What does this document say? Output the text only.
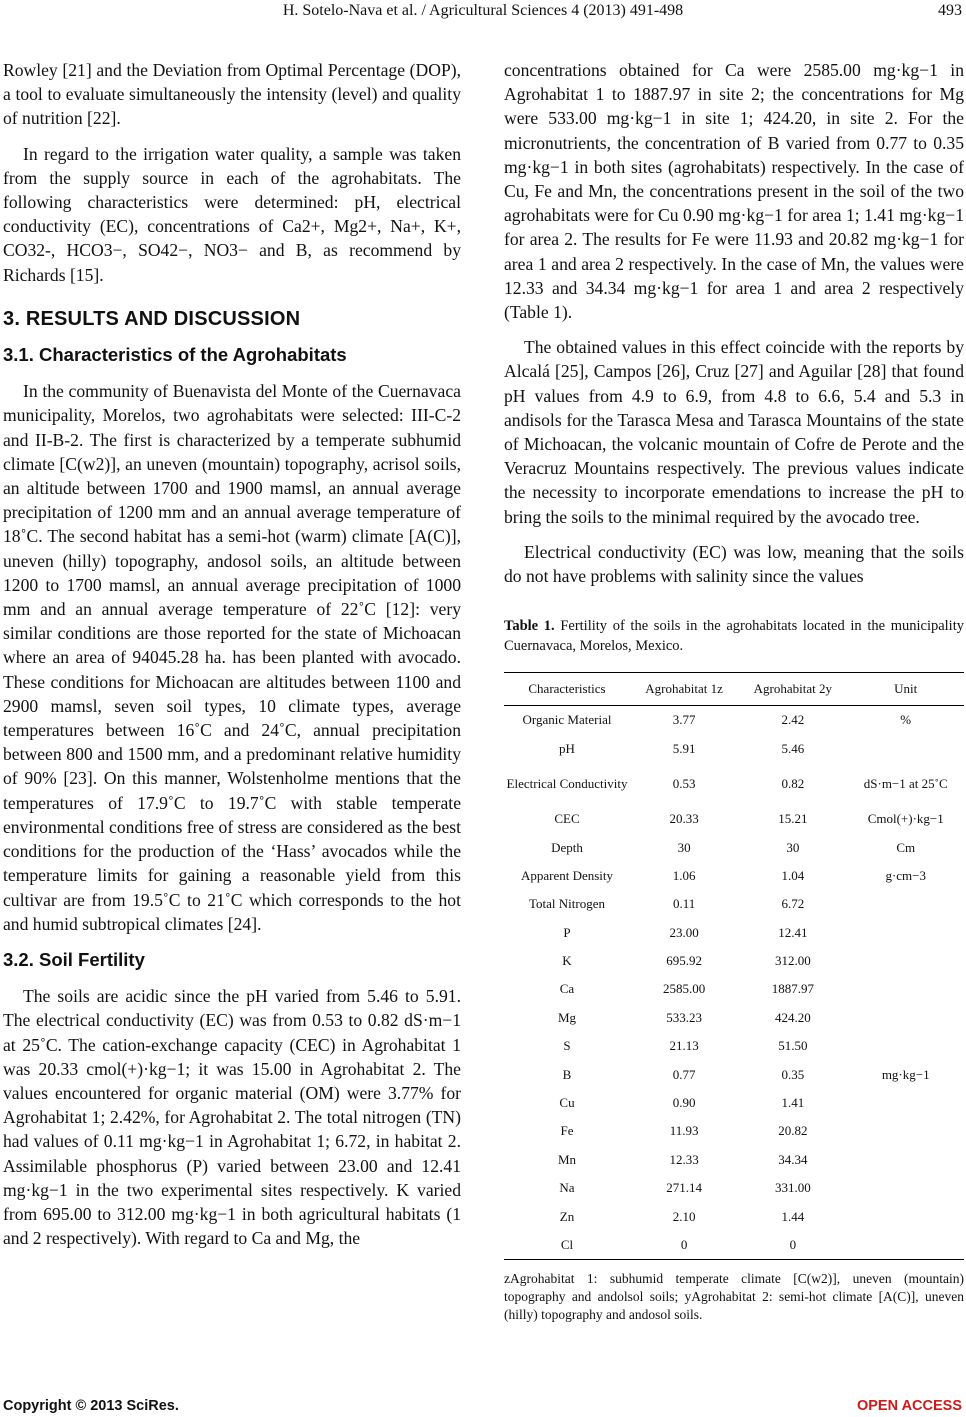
H. Sotelo-Nava et al. / Agricultural Sciences 4 (2013) 491-498	493

Rowley [21] and the Deviation from Optimal Percentage (DOP), a tool to evaluate simultaneously the intensity (level) and quality of nutrition [22].

In regard to the irrigation water quality, a sample was taken from the supply source in each of the agrohabitats. The following characteristics were determined: pH, electrical conductivity (EC), concentrations of Ca2+, Mg2+, Na+, K+, CO32-, HCO3−, SO42−, NO3− and B, as recommend by Richards [15].

3. RESULTS AND DISCUSSION
3.1. Characteristics of the Agrohabitats

In the community of Buenavista del Monte of the Cuernavaca municipality, Morelos, two agrohabitats were selected: III-C-2 and II-B-2. The first is characterized by a temperate subhumid climate [C(w2)], an uneven (mountain) topography, acrisol soils, an altitude between 1700 and 1900 mamsl, an annual average precipitation of 1200 mm and an annual average temperature of 18˚C. The second habitat has a semi-hot (warm) climate [A(C)], uneven (hilly) topography, andosol soils, an altitude between 1200 to 1700 mamsl, an annual average precipitation of 1000 mm and an annual average temperature of 22˚C [12]: very similar conditions are those reported for the state of Michoacan where an area of 94045.28 ha. has been planted with avocado. These conditions for Michoacan are altitudes between 1100 and 2900 mamsl, seven soil types, 10 climate types, average temperatures between 16˚C and 24˚C, annual precipitation between 800 and 1500 mm, and a predominant relative humidity of 90% [23]. On this manner, Wolstenholme mentions that the temperatures of 17.9˚C to 19.7˚C with stable temperate environmental conditions free of stress are considered as the best conditions for the production of the ‘Hass’ avocados while the temperature limits for gaining a reasonable yield from this cultivar are from 19.5˚C to 21˚C which corresponds to the hot and humid subtropical climates [24].

3.2. Soil Fertility

The soils are acidic since the pH varied from 5.46 to 5.91. The electrical conductivity (EC) was from 0.53 to 0.82 dS·m−1 at 25˚C. The cation-exchange capacity (CEC) in Agrohabitat 1 was 20.33 cmol(+)·kg−1; it was 15.00 in Agrohabitat 2. The values encountered for organic material (OM) were 3.77% for Agrohabitat 1; 2.42%, for Agrohabitat 2. The total nitrogen (TN) had values of 0.11 mg·kg−1 in Agrohabitat 1; 6.72, in habitat 2. Assimilable phosphorus (P) varied between 23.00 and 12.41 mg·kg−1 in the two experimental sites respectively. K varied from 695.00 to 312.00 mg·kg−1 in both agricultural habitats (1 and 2 respectively). With regard to Ca and Mg, the

concentrations obtained for Ca were 2585.00 mg·kg−1 in Agrohabitat 1 to 1887.97 in site 2; the concentrations for Mg were 533.00 mg·kg−1 in site 1; 424.20, in site 2. For the micronutrients, the concentration of B varied from 0.77 to 0.35 mg·kg−1 in both sites (agrohabitats) respectively. In the case of Cu, Fe and Mn, the concentrations present in the soil of the two agrohabitats were for Cu 0.90 mg·kg−1 for area 1; 1.41 mg·kg−1 for area 2. The results for Fe were 11.93 and 20.82 mg·kg−1 for area 1 and area 2 respectively. In the case of Mn, the values were 12.33 and 34.34 mg·kg−1 for area 1 and area 2 respectively (Table 1).

The obtained values in this effect coincide with the reports by Alcalá [25], Campos [26], Cruz [27] and Aguilar [28] that found pH values from 4.9 to 6.9, from 4.8 to 6.6, 5.4 and 5.3 in andisols for the Tarasca Mesa and Tarasca Mountains of the state of Michoacan, the volcanic mountain of Cofre de Perote and the Veracruz Mountains respectively. The previous values indicate the necessity to incorporate emendations to increase the pH to bring the soils to the minimal required by the avocado tree.

Electrical conductivity (EC) was low, meaning that the soils do not have problems with salinity since the values

Table 1. Fertility of the soils in the agrohabitats located in the municipality Cuernavaca, Morelos, Mexico.
Characteristics	Agrohabitat 1z	Agrohabitat 2y	Unit
Organic Material	3.77	2.42	%
pH	5.91	5.46	
Electrical Conductivity	0.53	0.82	dS·m−1 at 25˚C
CEC	20.33	15.21	Cmol(+)·kg−1
Depth	30	30	Cm
Apparent Density	1.06	1.04	g·cm−3
Total Nitrogen	0.11	6.72	
P	23.00	12.41	
K	695.92	312.00	
Ca	2585.00	1887.97	
Mg	533.23	424.20	
S	21.13	51.50	
B	0.77	0.35	mg·kg−1
Cu	0.90	1.41	
Fe	11.93	20.82	
Mn	12.33	34.34	
Na	271.14	331.00	
Zn	2.10	1.44	
Cl	0	0	
zAgrohabitat 1: subhumid temperate climate [C(w2)], uneven (mountain) topography and andolsol soils; yAgrohabitat 2: semi-hot climate [A(C)], uneven (hilly) topography and andosol soils.
Copyright © 2013 SciRes.	OPEN ACCESS
